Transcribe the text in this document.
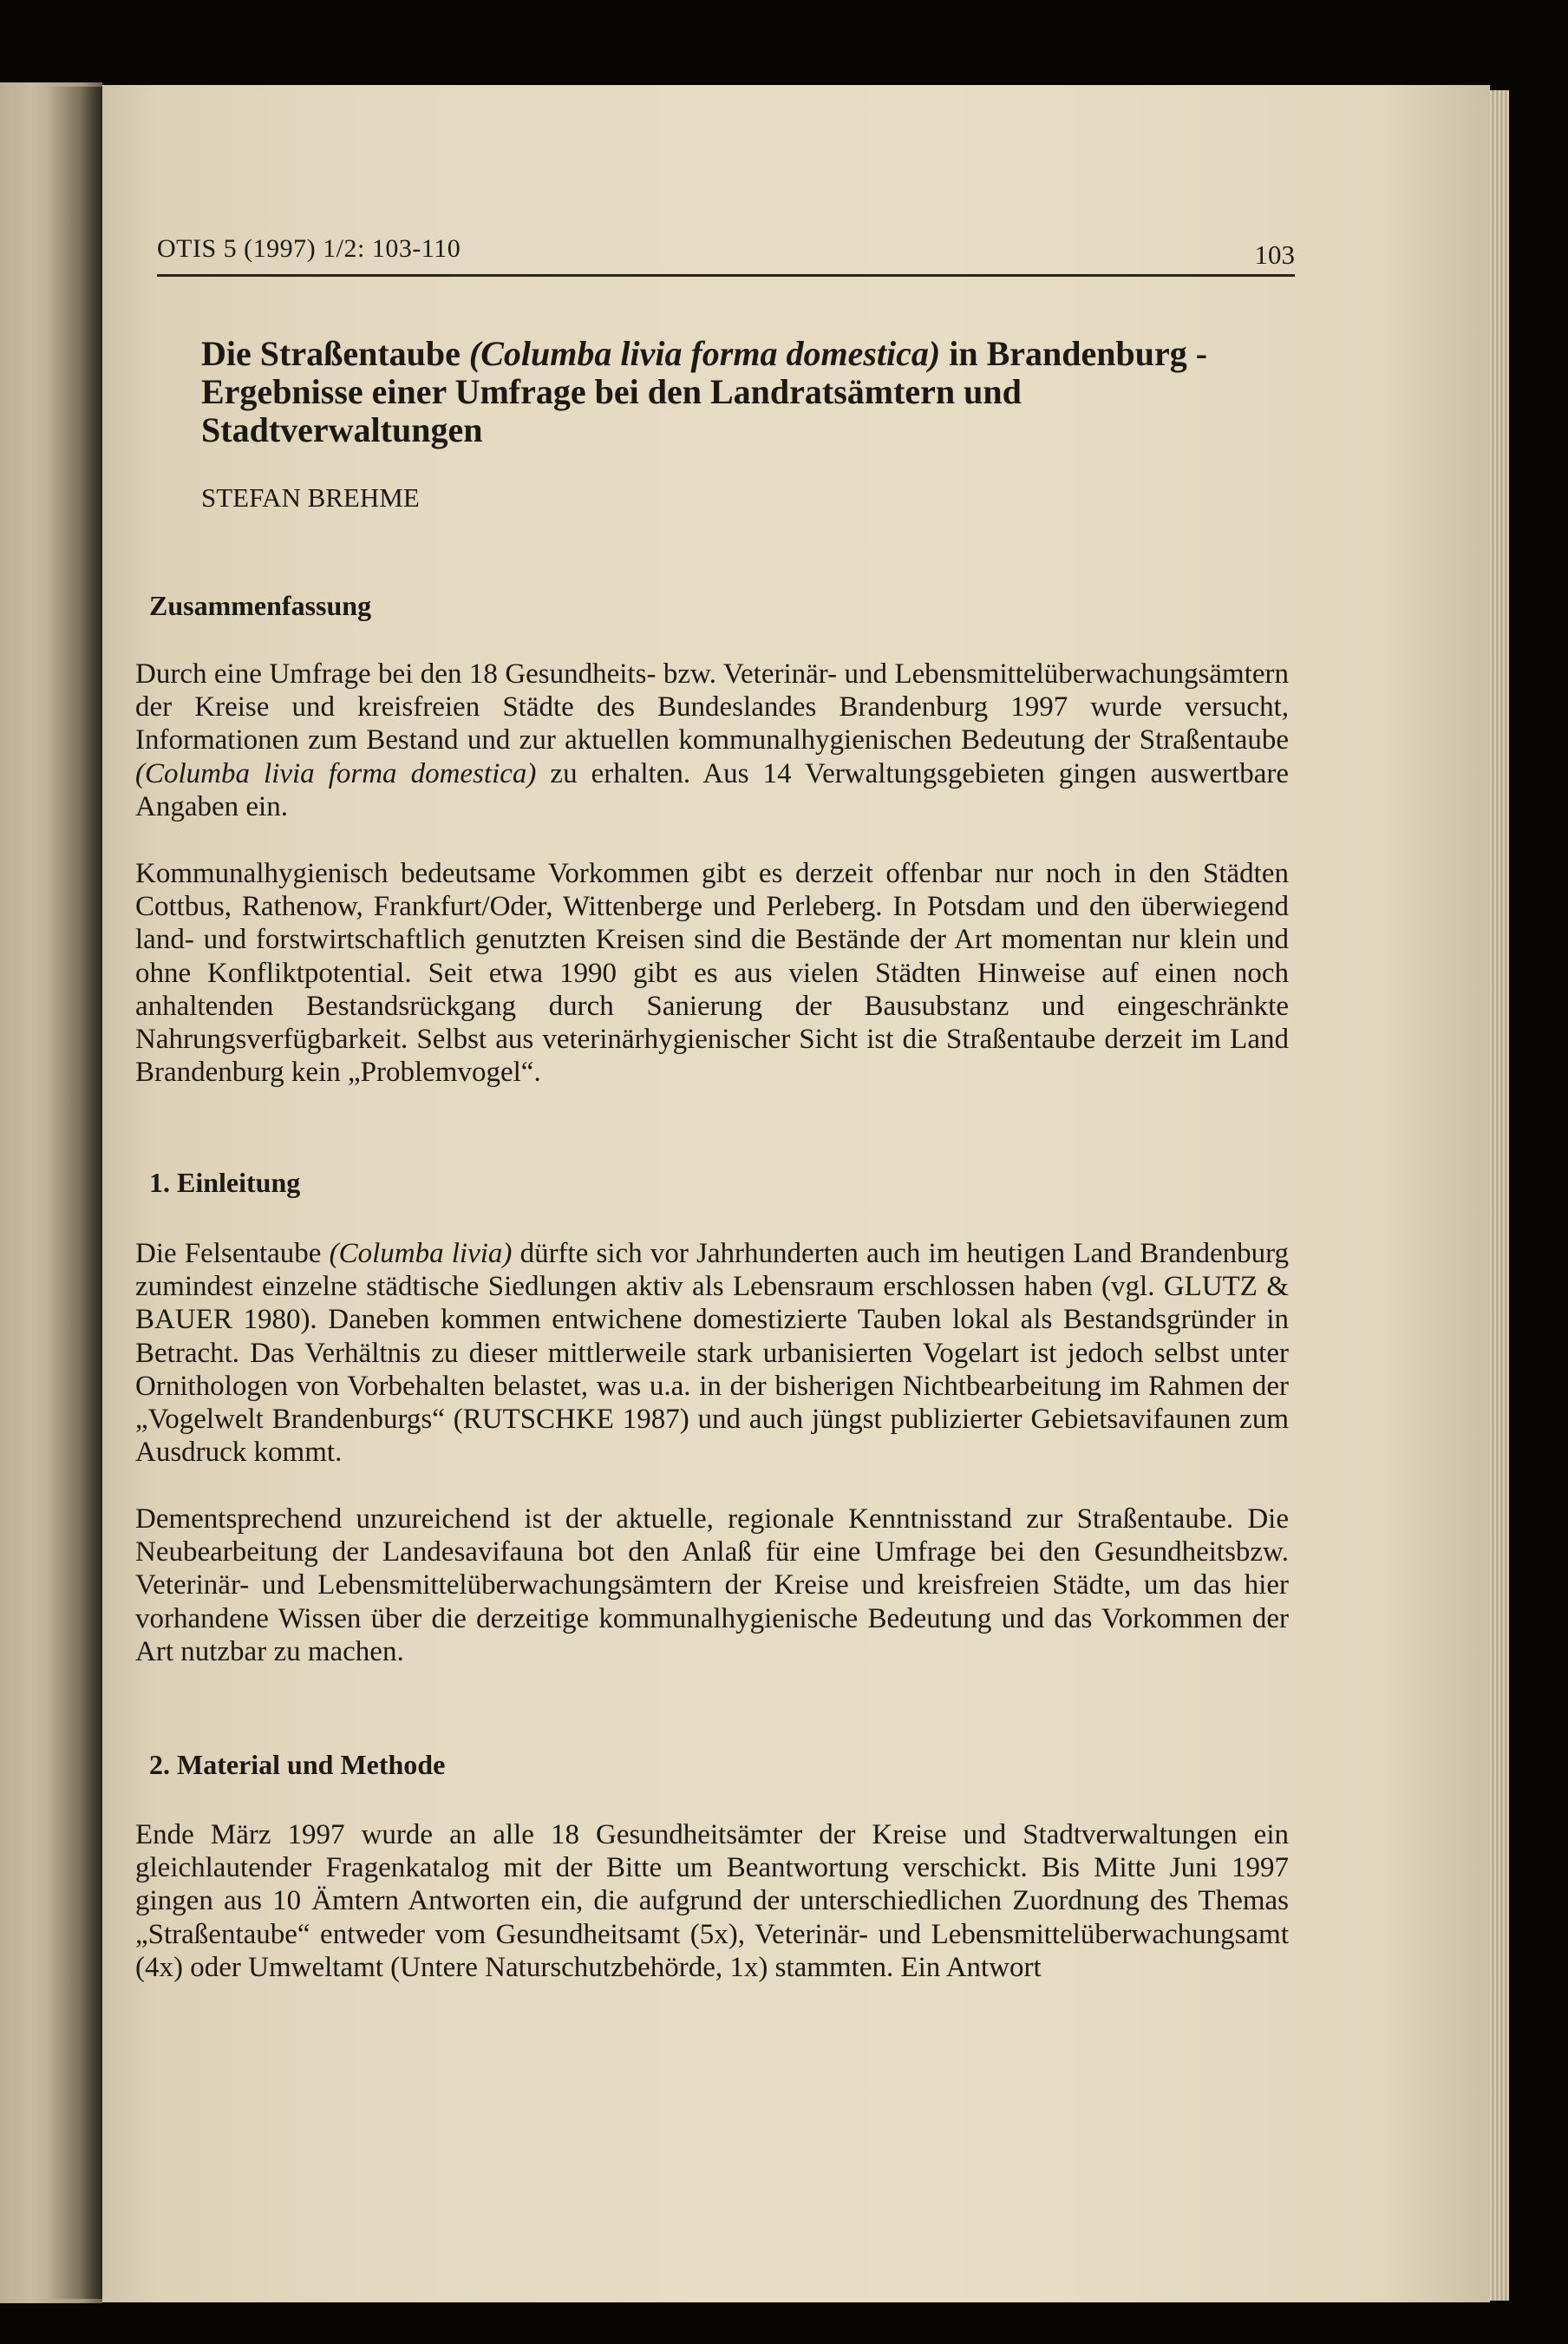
OTIS 5 (1997) 1/2: 103-110	103
Die Straßentaube (Columba livia forma domestica) in Brandenburg - Ergebnisse einer Umfrage bei den Landratsämtern und Stadtverwaltungen

STEFAN BREHME

Zusammenfassung

Durch eine Umfrage bei den 18 Gesundheits- bzw. Veterinär- und Lebensmittelüberwachungsämtern der Kreise und kreisfreien Städte des Bundeslandes Brandenburg 1997 wurde versucht, Informationen zum Bestand und zur aktuellen kommunalhygienischen Bedeutung der Straßentaube (Columba livia forma domestica) zu erhalten. Aus 14 Verwaltungsgebieten gingen auswertbare Angaben ein.

Kommunalhygienisch bedeutsame Vorkommen gibt es derzeit offenbar nur noch in den Städten Cottbus, Rathenow, Frankfurt/Oder, Wittenberge und Perleberg. In Potsdam und den überwiegend land- und forstwirtschaftlich genutzten Kreisen sind die Bestände der Art momentan nur klein und ohne Konfliktpotential. Seit etwa 1990 gibt es aus vielen Städten Hinweise auf einen noch anhaltenden Bestandsrückgang durch Sanierung der Bausubstanz und eingeschränkte Nahrungsverfügbarkeit. Selbst aus veterinärhygienischer Sicht ist die Straßentaube derzeit im Land Brandenburg kein „Problemvogel“.

1. Einleitung

Die Felsentaube (Columba livia) dürfte sich vor Jahrhunderten auch im heutigen Land Brandenburg zumindest einzelne städtische Siedlungen aktiv als Lebensraum erschlossen haben (vgl. GLUTZ & BAUER 1980). Daneben kommen entwichene domestizierte Tauben lokal als Bestandsgründer in Betracht. Das Verhältnis zu dieser mittlerweile stark urbanisierten Vogelart ist jedoch selbst unter Ornithologen von Vorbehalten belastet, was u.a. in der bisherigen Nichtbearbeitung im Rahmen der „Vogelwelt Brandenburgs“ (RUTSCHKE 1987) und auch jüngst publizierter Gebietsavifaunen zum Ausdruck kommt.

Dementsprechend unzureichend ist der aktuelle, regionale Kenntnisstand zur Straßentaube. Die Neubearbeitung der Landesavifauna bot den Anlaß für eine Umfrage bei den Gesundheitsbzw. Veterinär- und Lebensmittelüberwachungsämtern der Kreise und kreisfreien Städte, um das hier vorhandene Wissen über die derzeitige kommunalhygienische Bedeutung und das Vorkommen der Art nutzbar zu machen.

2. Material und Methode

Ende März 1997 wurde an alle 18 Gesundheitsämter der Kreise und Stadtverwaltungen ein gleichlautender Fragenkatalog mit der Bitte um Beantwortung verschickt. Bis Mitte Juni 1997 gingen aus 10 Ämtern Antworten ein, die aufgrund der unterschiedlichen Zuordnung des Themas „Straßentaube“ entweder vom Gesundheitsamt (5x), Veterinär- und Lebensmittelüberwachungsamt (4x) oder Umweltamt (Untere Naturschutzbehörde, 1x) stammten. Ein Antwort
